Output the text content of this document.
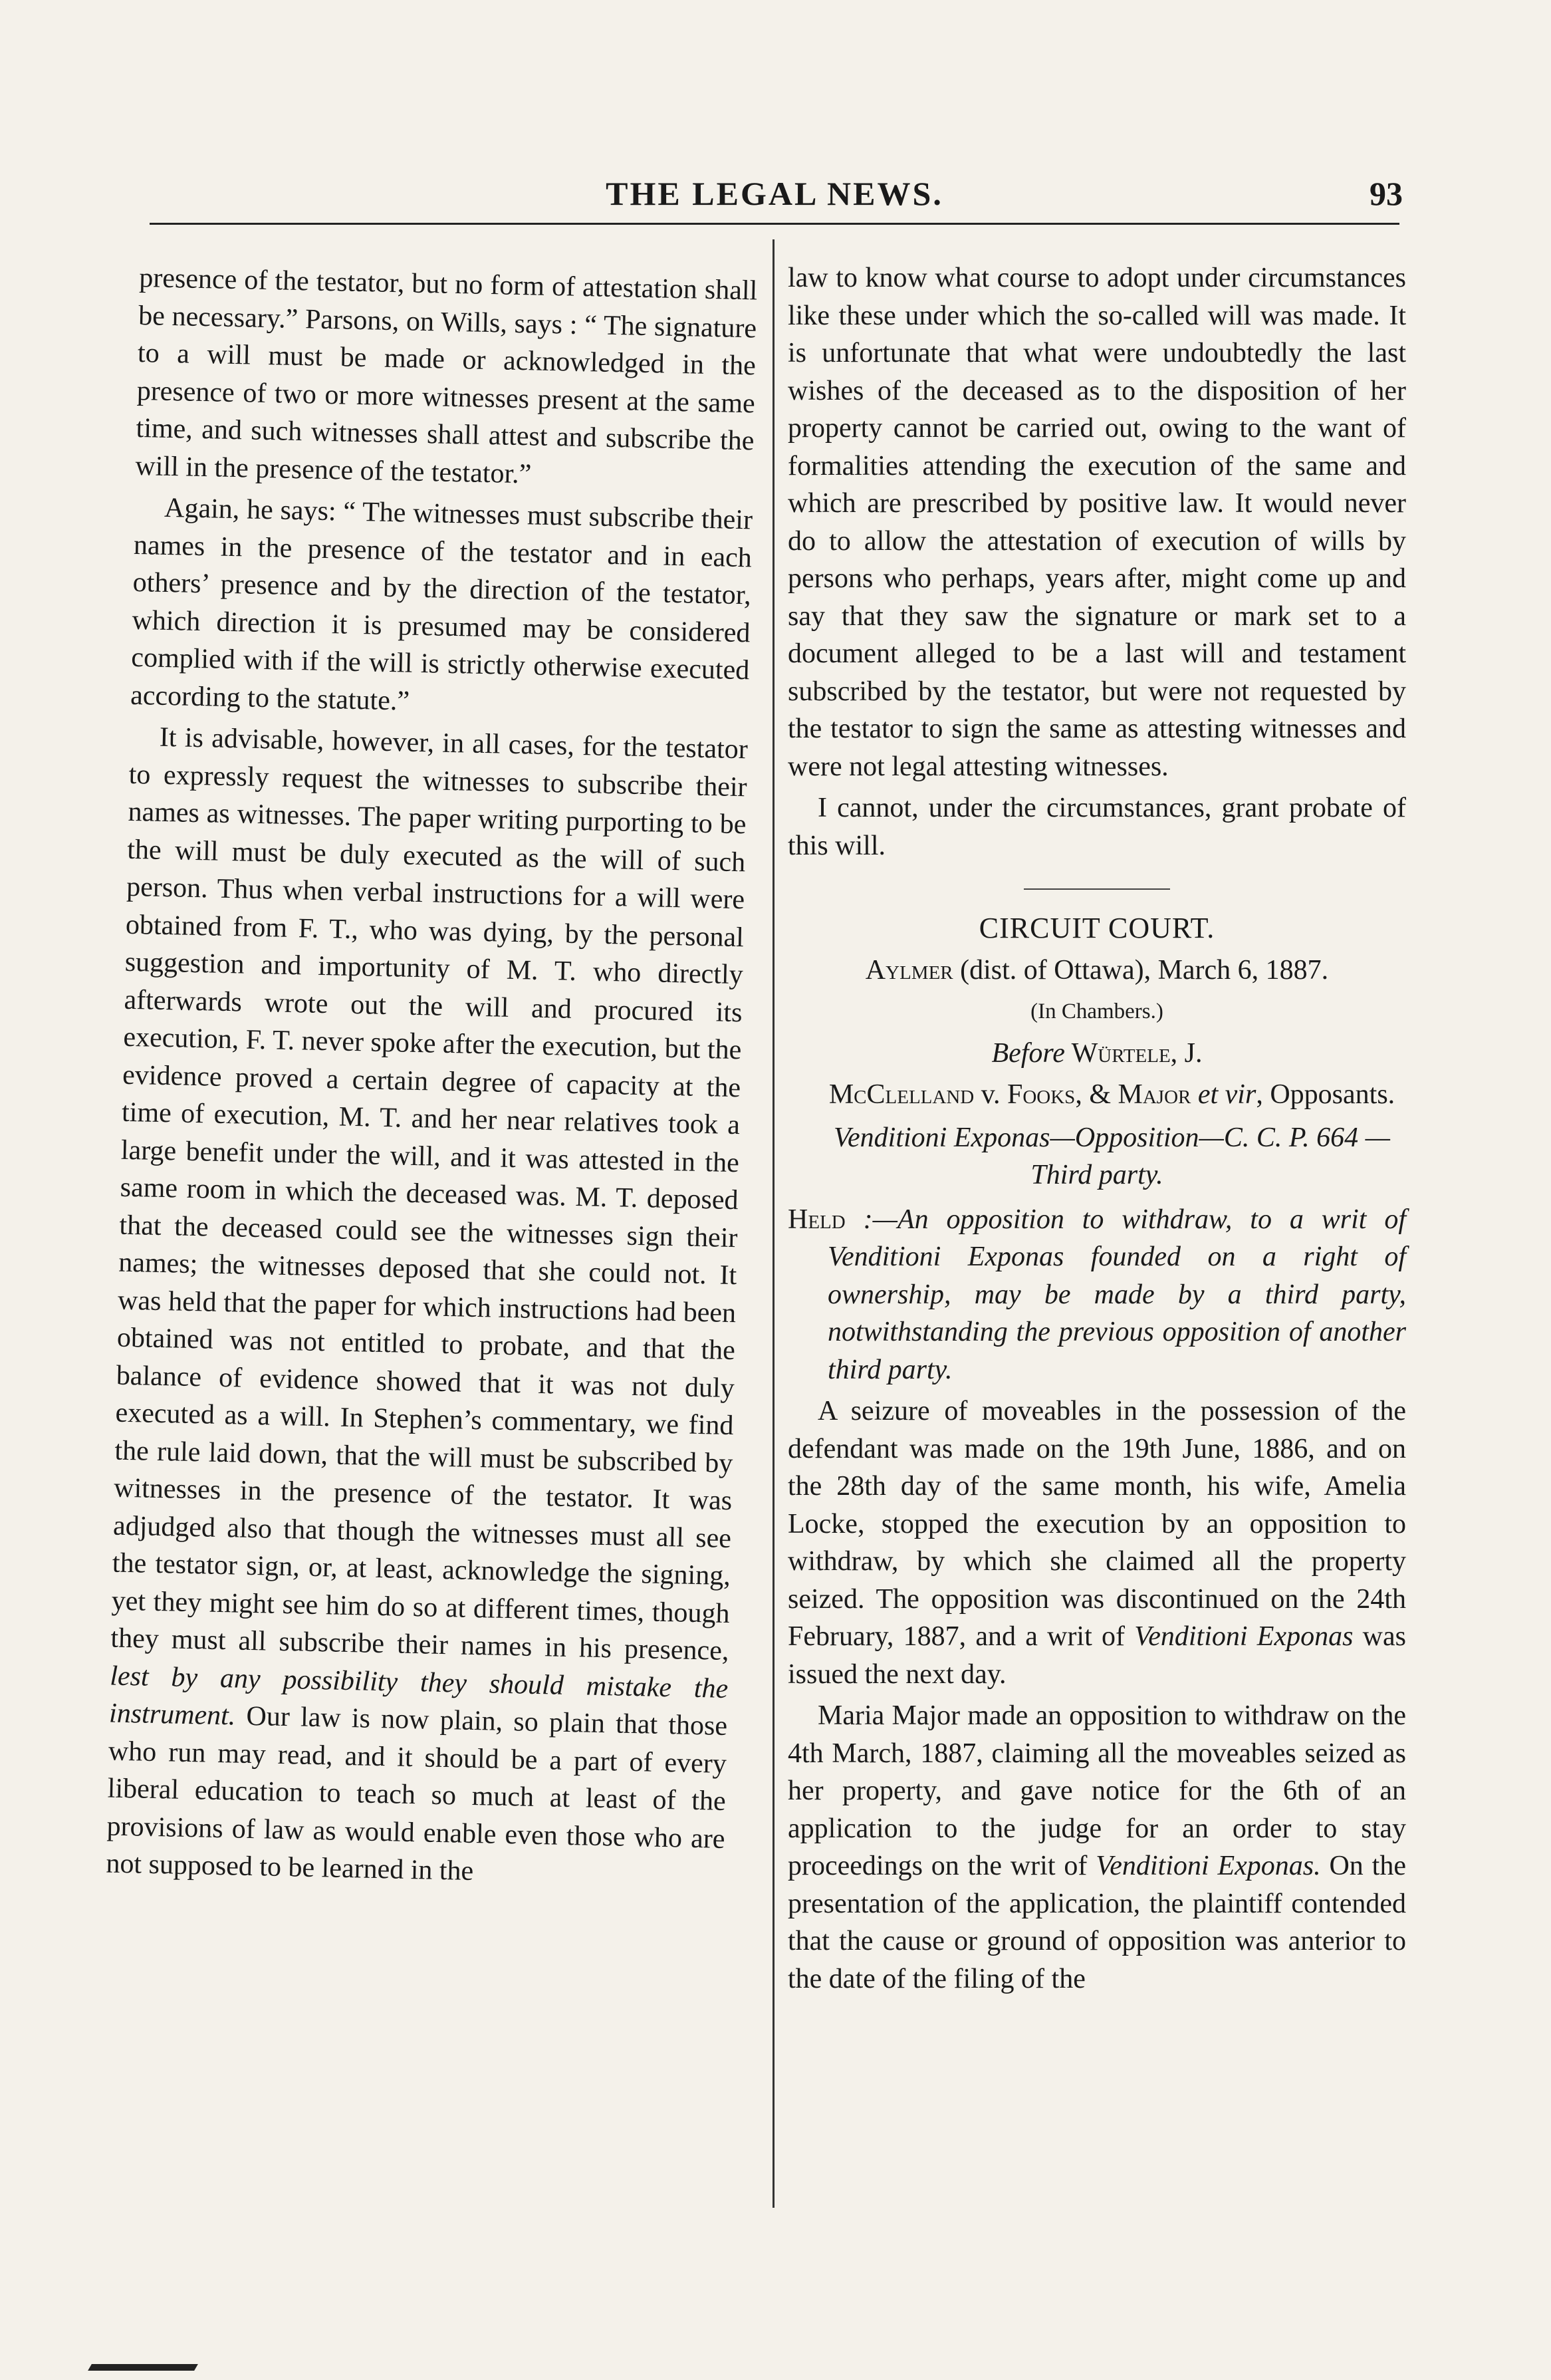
THE LEGAL NEWS.	93

presence of the testator, but no form of attestation shall be necessary.” Parsons, on Wills, says : “ The signature to a will must be made or acknowledged in the presence of two or more witnesses present at the same time, and such witnesses shall attest and subscribe the will in the presence of the testator.”

Again, he says: “ The witnesses must subscribe their names in the presence of the testator and in each others’ presence and by the direction of the testator, which direction it is presumed may be considered complied with if the will is strictly otherwise executed according to the statute.”

It is advisable, however, in all cases, for the testator to expressly request the witnesses to subscribe their names as witnesses. The paper writing purporting to be the will must be duly executed as the will of such person. Thus when verbal instructions for a will were obtained from F. T., who was dying, by the personal suggestion and importunity of M. T. who directly afterwards wrote out the will and procured its execution, F. T. never spoke after the execution, but the evidence proved a certain degree of capacity at the time of execution, M. T. and her near relatives took a large benefit under the will, and it was attested in the same room in which the deceased was. M. T. deposed that the deceased could see the witnesses sign their names; the witnesses deposed that she could not. It was held that the paper for which instructions had been obtained was not entitled to probate, and that the balance of evidence showed that it was not duly executed as a will. In Stephen’s commentary, we find the rule laid down, that the will must be subscribed by witnesses in the presence of the testator. It was adjudged also that though the witnesses must all see the testator sign, or, at least, acknowledge the signing, yet they might see him do so at different times, though they must all subscribe their names in his presence, lest by any possibility they should mistake the instrument. Our law is now plain, so plain that those who run may read, and it should be a part of every liberal education to teach so much at least of the provisions of law as would enable even those who are not supposed to be learned in the

law to know what course to adopt under circumstances like these under which the so-called will was made. It is unfortunate that what were undoubtedly the last wishes of the deceased as to the disposition of her property cannot be carried out, owing to the want of formalities attending the execution of the same and which are prescribed by positive law. It would never do to allow the attestation of execution of wills by persons who perhaps, years after, might come up and say that they saw the signature or mark set to a document alleged to be a last will and testament subscribed by the testator, but were not requested by the testator to sign the same as attesting witnesses and were not legal attesting witnesses.

I cannot, under the circumstances, grant probate of this will.

CIRCUIT COURT.

Aylmer (dist. of Ottawa), March 6, 1887.

(In Chambers.)

Before Würtele, J.

McClelland v. Fooks, & Major et vir, Opposants.

Venditioni Exponas—Opposition—C. C. P. 664 —Third party.

Held :—An opposition to withdraw, to a writ of Venditioni Exponas founded on a right of ownership, may be made by a third party, notwithstanding the previous opposition of another third party.

A seizure of moveables in the possession of the defendant was made on the 19th June, 1886, and on the 28th day of the same month, his wife, Amelia Locke, stopped the execution by an opposition to withdraw, by which she claimed all the property seized. The opposition was discontinued on the 24th February, 1887, and a writ of Venditioni Exponas was issued the next day.

Maria Major made an opposition to withdraw on the 4th March, 1887, claiming all the moveables seized as her property, and gave notice for the 6th of an application to the judge for an order to stay proceedings on the writ of Venditioni Exponas. On the presentation of the application, the plaintiff contended that the cause or ground of opposition was anterior to the date of the filing of the
